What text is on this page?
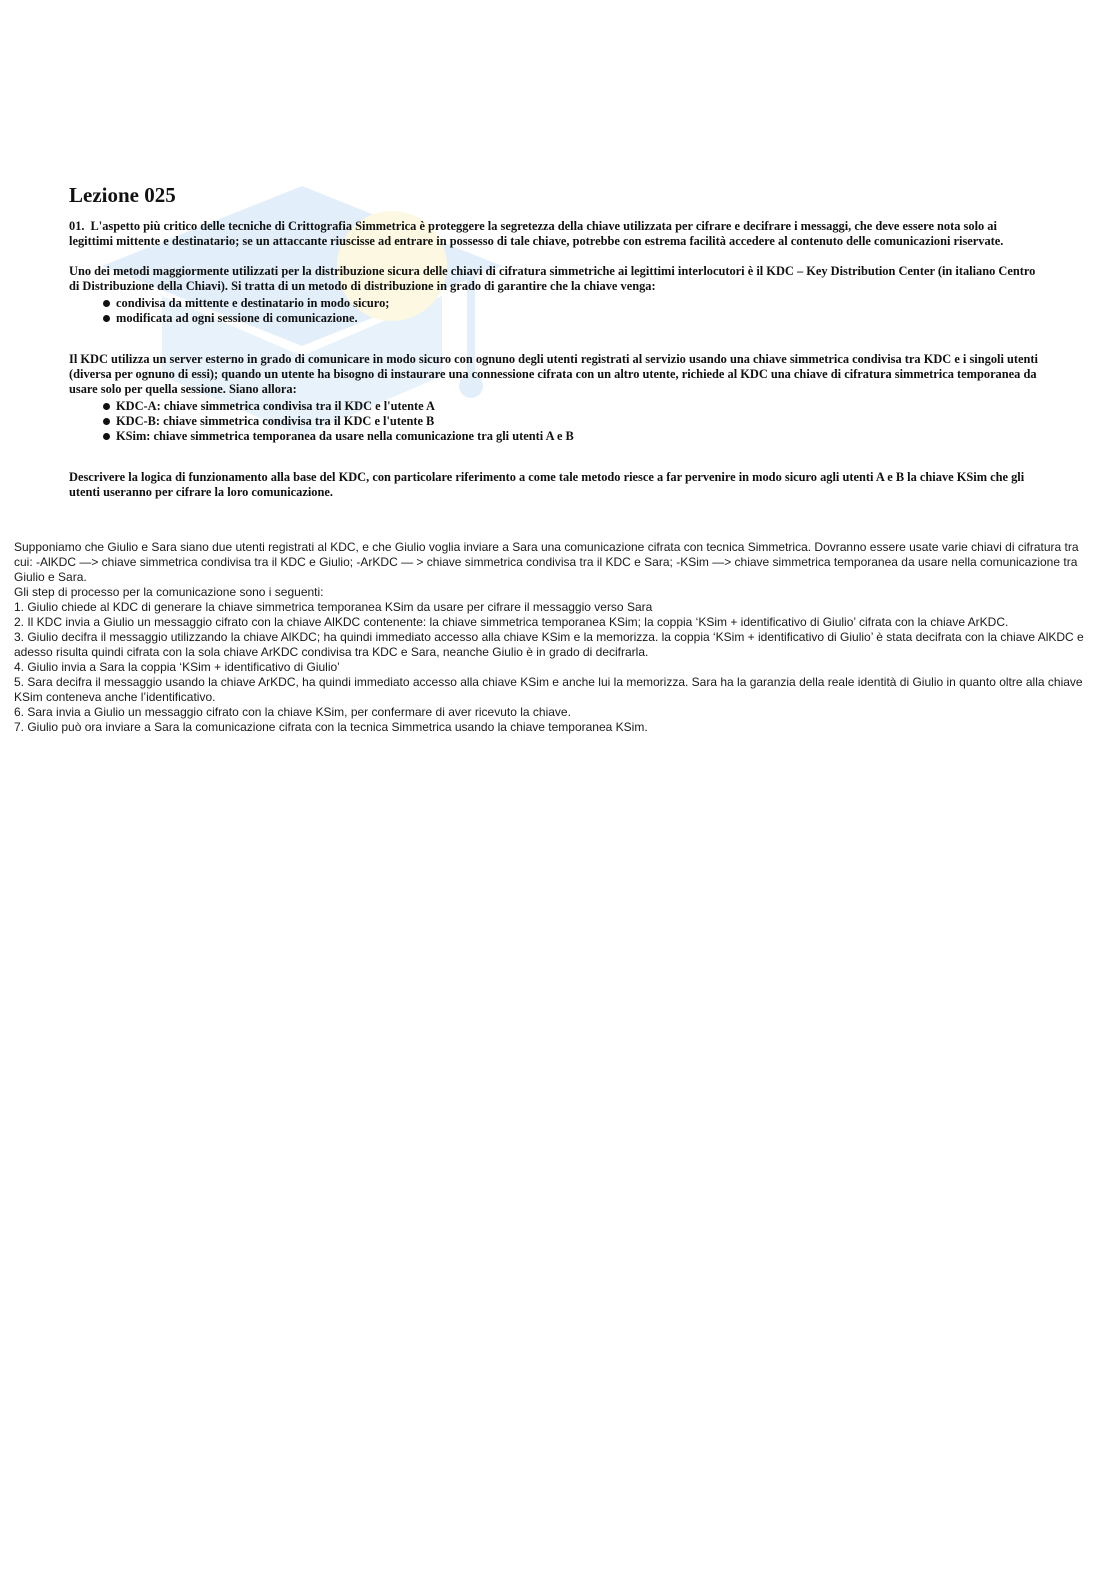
Lezione 025

01. L'aspetto più critico delle tecniche di Crittografia Simmetrica è proteggere la segretezza della chiave utilizzata per cifrare e decifrare i messaggi, che deve essere nota solo ai legittimi mittente e destinatario; se un attaccante riuscisse ad entrare in possesso di tale chiave, potrebbe con estrema facilità accedere al contenuto delle comunicazioni riservate.

Uno dei metodi maggiormente utilizzati per la distribuzione sicura delle chiavi di cifratura simmetriche ai legittimi interlocutori è il KDC – Key Distribution Center (in italiano Centro di Distribuzione della Chiavi). Si tratta di un metodo di distribuzione in grado di garantire che la chiave venga:

condivisa da mittente e destinatario in modo sicuro;
modificata ad ogni sessione di comunicazione.

Il KDC utilizza un server esterno in grado di comunicare in modo sicuro con ognuno degli utenti registrati al servizio usando una chiave simmetrica condivisa tra KDC e i singoli utenti (diversa per ognuno di essi); quando un utente ha bisogno di instaurare una connessione cifrata con un altro utente, richiede al KDC una chiave di cifratura simmetrica temporanea da usare solo per quella sessione. Siano allora:

KDC-A: chiave simmetrica condivisa tra il KDC e l'utente A
KDC-B: chiave simmetrica condivisa tra il KDC e l'utente B
KSim: chiave simmetrica temporanea da usare nella comunicazione tra gli utenti A e B

Descrivere la logica di funzionamento alla base del KDC, con particolare riferimento a come tale metodo riesce a far pervenire in modo sicuro agli utenti A e B la chiave KSim che gli utenti useranno per cifrare la loro comunicazione.

Supponiamo che Giulio e Sara siano due utenti registrati al KDC, e che Giulio voglia inviare a Sara una comunicazione cifrata con tecnica Simmetrica. Dovranno essere usate varie chiavi di cifratura tra cui: -AlKDC —> chiave simmetrica condivisa tra il KDC e Giulio; -ArKDC — > chiave simmetrica condivisa tra il KDC e Sara; -KSim —> chiave simmetrica temporanea da usare nella comunicazione tra Giulio e Sara.

Gli step di processo per la comunicazione sono i seguenti:

1. Giulio chiede al KDC di generare la chiave simmetrica temporanea KSim da usare per cifrare il messaggio verso Sara

2. Il KDC invia a Giulio un messaggio cifrato con la chiave AlKDC contenente: la chiave simmetrica temporanea KSim; la coppia ‘KSim + identificativo di Giulio’ cifrata con la chiave ArKDC.

3. Giulio decifra il messaggio utilizzando la chiave AlKDC; ha quindi immediato accesso alla chiave KSim e la memorizza. la coppia ‘KSim + identificativo di Giulio’ è stata decifrata con la chiave AlKDC e adesso risulta quindi cifrata con la sola chiave ArKDC condivisa tra KDC e Sara, neanche Giulio è in grado di decifrarla.

4. Giulio invia a Sara la coppia ‘KSim + identificativo di Giulio’

5. Sara decifra il messaggio usando la chiave ArKDC, ha quindi immediato accesso alla chiave KSim e anche lui la memorizza. Sara ha la garanzia della reale identità di Giulio in quanto oltre alla chiave KSim conteneva anche l’identificativo.

6. Sara invia a Giulio un messaggio cifrato con la chiave KSim, per confermare di aver ricevuto la chiave.

7. Giulio può ora inviare a Sara la comunicazione cifrata con la tecnica Simmetrica usando la chiave temporanea KSim.
